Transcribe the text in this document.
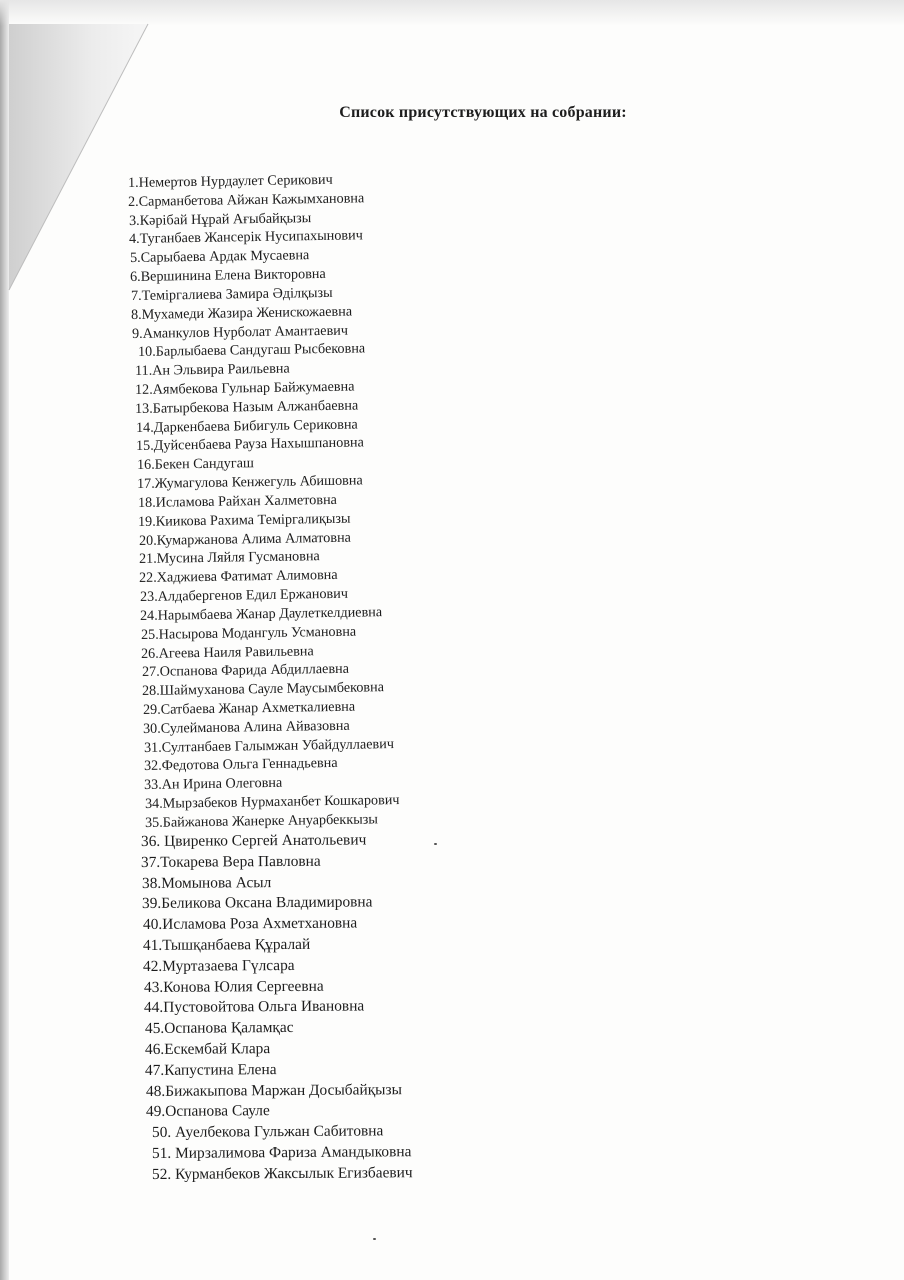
Список присутствующих на собрании:
1.Немертов Нурдаулет Серикович
2.Сарманбетова Айжан Кажымхановна
3.Кәрібай Нұрай Ағыбайқызы
4.Туганбаев Жансерік Нусипахынович
5.Сарыбаева Ардак Мусаевна
6.Вершинина Елена Викторовна
7.Теміргалиева Замира Әділқызы
8.Мухамеди Жазира Женискожаевна
9.Аманкулов Нурболат Амантаевич
10.Барлыбаева Сандугаш Рысбековна
11.Ан Эльвира Раильевна
12.Аямбекова Гульнар Байжумаевна
13.Батырбекова Назым Алжанбаевна
14.Даркенбаева Бибигуль Сериковна
15.Дуйсенбаева Рауза Нахышпановна
16.Бекен Сандугаш
17.Жумагулова Кенжегуль Абишовна
18.Исламова Райхан Халметовна
19.Киикова Рахима Теміргалиқызы
20.Кумаржанова Алима Алматовна
21.Мусина Ляйля Гусмановна
22.Хаджиева Фатимат Алимовна
23.Алдабергенов Едил Ержанович
24.Нарымбаева Жанар Даулеткелдиевна
25.Насырова Модангуль Усмановна
26.Агеева Наиля Равильевна
27.Оспанова Фарида Абдиллаевна
28.Шаймуханова Сауле Маусымбековна
29.Сатбаева Жанар Ахметкалиевна
30.Сулейманова Алина Айвазовна
31.Султанбаев Галымжан Убайдуллаевич
32.Федотова Ольга Геннадьевна
33.Ан Ирина Олеговна
34.Мырзабеков Нурмаханбет Кошкарович
35.Байжанова Жанерке Ануарбеккызы
36. Цвиренко Сергей Анатольевич
37.Токарева Вера Павловна
38.Момынова Асыл
39.Беликова Оксана Владимировна
40.Исламова Роза Ахметхановна
41.Тышқанбаева Құралай
42.Муртазаева Гүлсара
43.Конова Юлия Сергеевна
44.Пустовойтова Ольга Ивановна
45.Оспанова Қаламқас
46.Ескембай Клара
47.Капустина Елена
48.Бижакыпова Маржан Досыбайқызы
49.Оспанова Сауле
50. Ауелбекова Гульжан Сабитовна
51. Мирзалимова Фариза Амандыковна
52. Курманбеков Жаксылык Егизбаевич
